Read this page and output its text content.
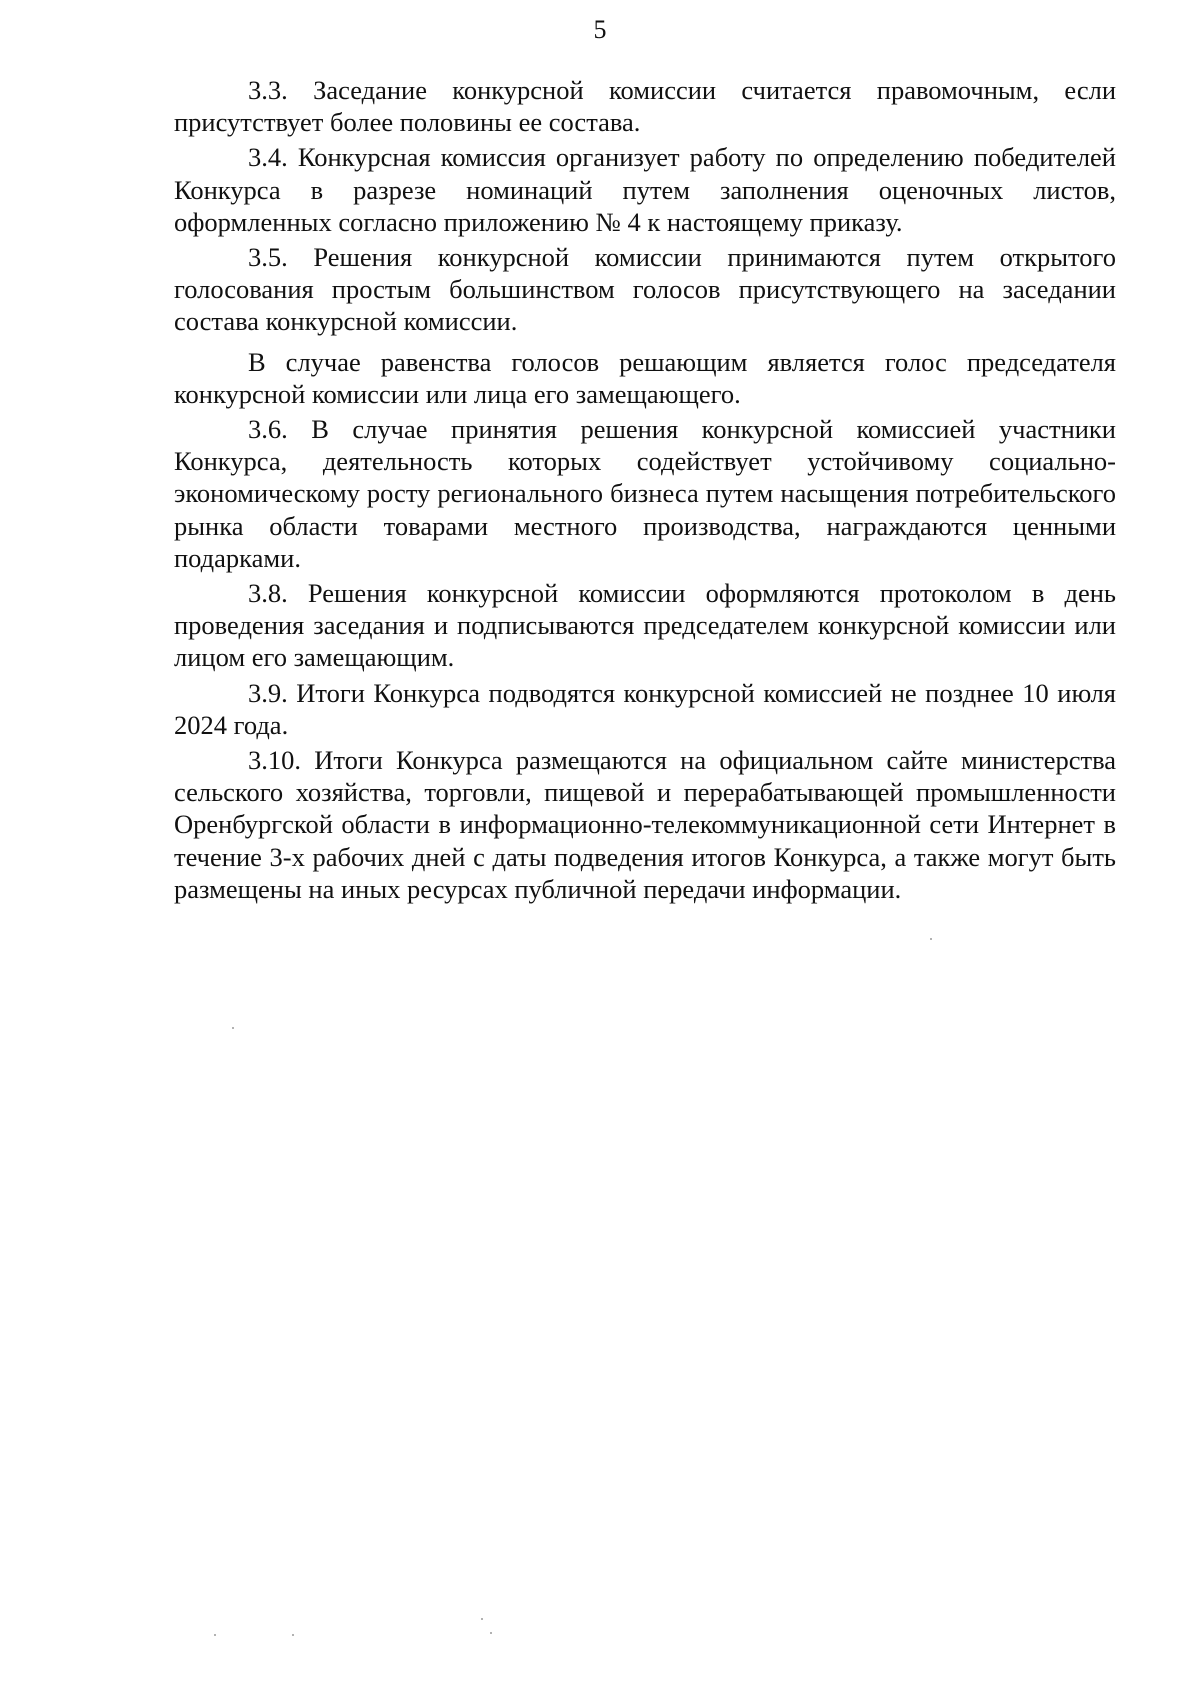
5

3.3. Заседание конкурсной комиссии считается правомочным, если присутствует более половины ее состава.

3.4. Конкурсная комиссия организует работу по определению победителей Конкурса в разрезе номинаций путем заполнения оценочных листов, оформленных согласно приложению № 4 к настоящему приказу.

3.5. Решения конкурсной комиссии принимаются путем открытого голосования простым большинством голосов присутствующего на заседании состава конкурсной комиссии.

В случае равенства голосов решающим является голос председателя конкурсной комиссии или лица его замещающего.

3.6. В случае принятия решения конкурсной комиссией участники Конкурса, деятельность которых содействует устойчивому социально-экономическому росту регионального бизнеса путем насыщения потребительского рынка области товарами местного производства, награждаются ценными подарками.

3.8. Решения конкурсной комиссии оформляются протоколом в день проведения заседания и подписываются председателем конкурсной комиссии или лицом его замещающим.

3.9. Итоги Конкурса подводятся конкурсной комиссией не позднее 10 июля 2024 года.

3.10. Итоги Конкурса размещаются на официальном сайте министерства сельского хозяйства, торговли, пищевой и перерабатывающей промышленности Оренбургской области в информационно-телекоммуникационной сети Интернет в течение 3-х рабочих дней с даты подведения итогов Конкурса, а также могут быть размещены на иных ресурсах публичной передачи информации.
